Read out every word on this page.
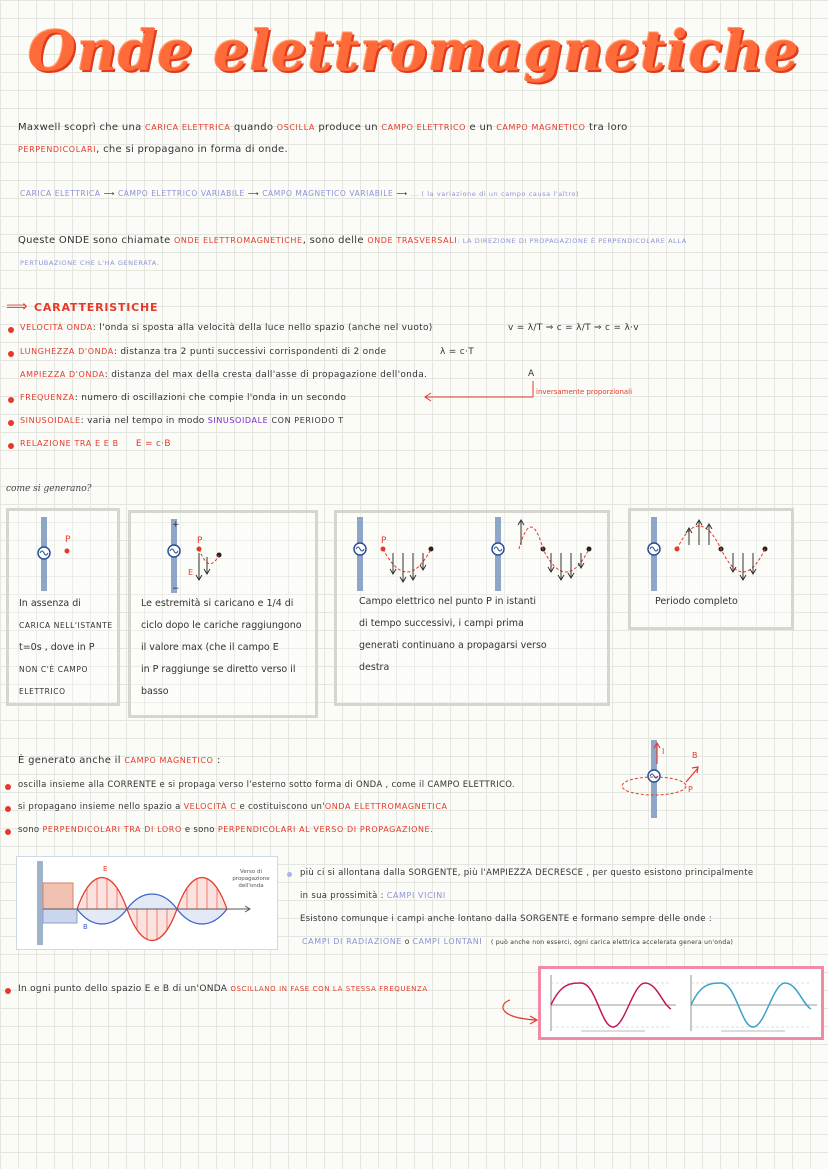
Onde elettromagnetiche
Maxwell scoprì che una CARICA ELETTRICA quando OSCILLA produce un CAMPO ELETTRICO e un CAMPO MAGNETICO tra loro
PERPENDICOLARI, che si propagano in forma di onde.
CARICA ELETTRICA ⟶ CAMPO ELETTRICO VARIABILE ⟶ CAMPO MAGNETICO VARIABILE ⟶ ... ( la variazione di un campo causa l'altro)
Queste ONDE sono chiamate ONDE ELETTROMAGNETICHE, sono delle ONDE TRASVERSALI: LA DIREZIONE DI PROPAGAZIONE È PERPENDICOLARE ALLA
PERTUBAZIONE CHE L'HA GENERATA.
⟹ CARATTERISTICHE
VELOCITÀ ONDA: l'onda si sposta alla velocità della luce nello spazio (anche nel vuoto)	v = λ/T ⇒ c = λ/T ⇒ c = λ·v
LUNGHEZZA D'ONDA: distanza tra 2 punti successivi corrispondenti di 2 onde	λ = c·T
AMPIEZZA D'ONDA: distanza del max della cresta dall'asse di propagazione dell'onda.	A
FREQUENZA: numero di oscillazioni che compie l'onda in un secondo
inversamente proporzionali
SINUSOIDALE: varia nel tempo in modo SINUSOIDALE CON PERIODO T
RELAZIONE TRA E E B E = c·B
come si generano?
P
In assenza di
CARICA NELL'ISTANTE
t=0s , dove in P
NON C'È CAMPO
ELETTRICO
+
−
P
E
Le estremità si caricano e 1/4 di
ciclo dopo le cariche raggiungono
il valore max (che il campo E
in P raggiunge se diretto verso il
basso
P
Campo elettrico nel punto P in istanti
di tempo successivi, i campi prima
generati continuano a propagarsi verso
destra
Periodo completo
È generato anche il CAMPO MAGNETICO :
I	B
P
oscilla insieme alla CORRENTE e si propaga verso l'esterno sotto forma di ONDA , come il CAMPO ELETTRICO.
si propagano insieme nello spazio a VELOCITÀ C e costituiscono un'ONDA ELETTROMAGNETICA
sono PERPENDICOLARI TRA DI LORO e sono PERPENDICOLARI AL VERSO DI PROPAGAZIONE.
E
B
Verso di propagazione dell'onda
più ci si allontana dalla SORGENTE, più l'AMPIEZZA DECRESCE , per questo esistono principalmente
in sua prossimità : CAMPI VICINI
Esistono comunque i campi anche lontano dalla SORGENTE e formano sempre delle onde :
CAMPI DI RADIAZIONE o CAMPI LONTANI ( può anche non esserci, ogni carica elettrica accelerata genera un'onda)
In ogni punto dello spazio E e B di un'ONDA OSCILLANO IN FASE CON LA STESSA FREQUENZA
